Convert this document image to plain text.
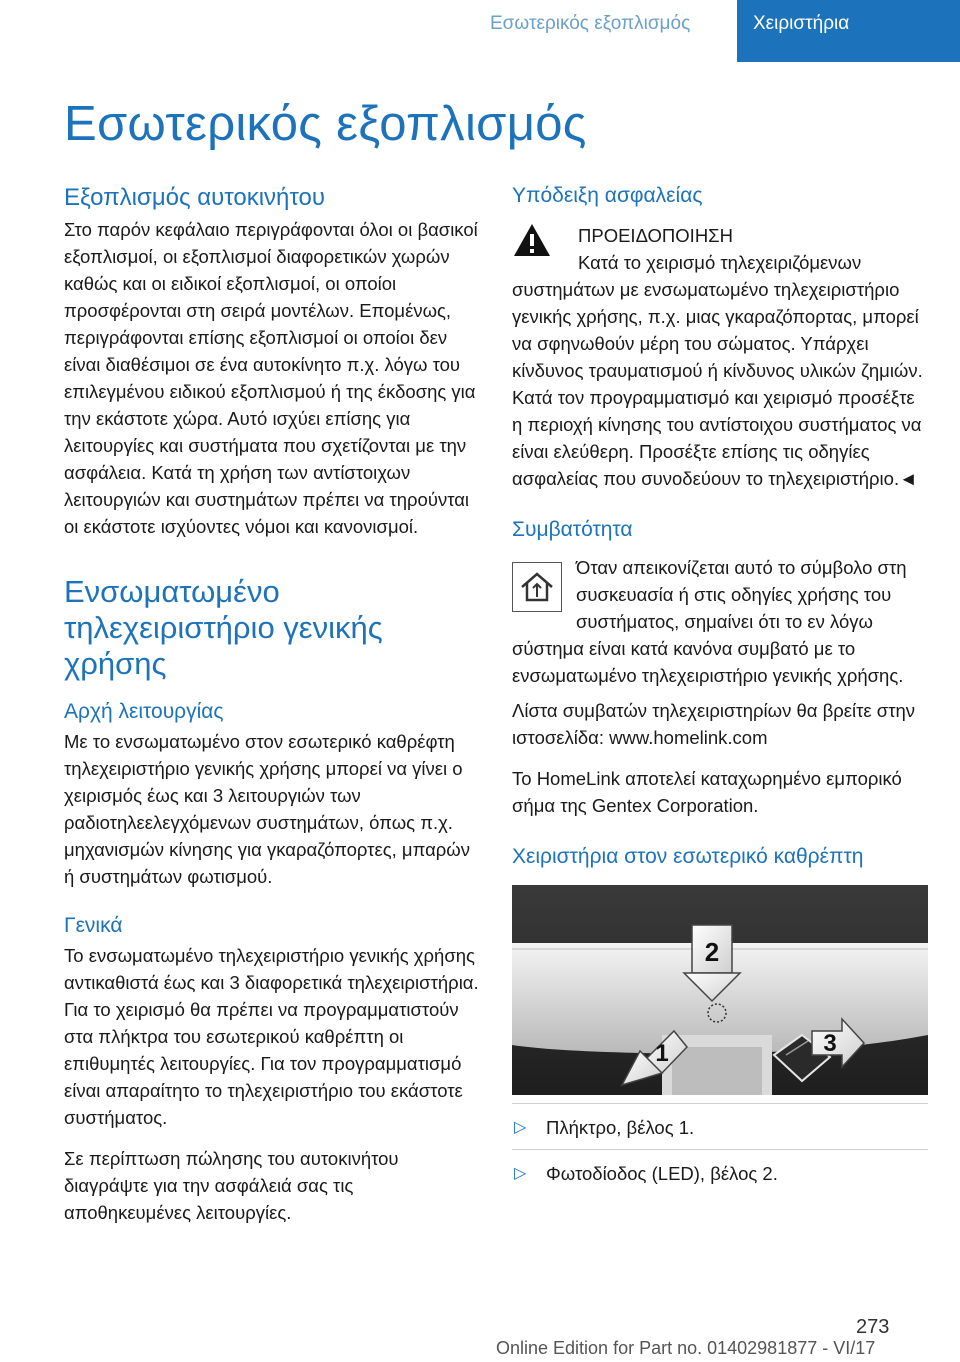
Εσωτερικός εξοπλισμός	Χειριστήρια
Εσωτερικός εξοπλισμός
Εξοπλισμός αυτοκινήτου

Στο παρόν κεφάλαιο περιγράφονται όλοι οι βασικοί εξοπλισμοί, οι εξοπλισμοί διαφορετικών χωρών καθώς και οι ειδικοί εξοπλισμοί, οι οποίοι προσφέρονται στη σειρά μοντέλων. Επομένως, περιγράφονται επίσης εξοπλισμοί οι οποίοι δεν είναι διαθέσιμοι σε ένα αυτοκίνητο π.χ. λόγω του επιλεγμένου ειδικού εξοπλισμού ή της έκδοσης για την εκάστοτε χώρα. Αυτό ισχύει επίσης για λειτουργίες και συστήματα που σχετίζονται με την ασφάλεια. Κατά τη χρήση των αντίστοιχων λειτουργιών και συστημάτων πρέπει να τηρούνται οι εκάστοτε ισχύοντες νόμοι και κανονισμοί.

Ενσωματωμένο τηλεχειριστήριο γενικής χρήσης
Αρχή λειτουργίας

Με το ενσωματωμένο στον εσωτερικό καθρέφτη τηλεχειριστήριο γενικής χρήσης μπορεί να γίνει ο χειρισμός έως και 3 λειτουργιών των ραδιοτηλεελεγχόμενων συστημάτων, όπως π.χ. μηχανισμών κίνησης για γκαραζόπορτες, μπαρών ή συστημάτων φωτισμού.

Γενικά

Το ενσωματωμένο τηλεχειριστήριο γενικής χρήσης αντικαθιστά έως και 3 διαφορετικά τηλεχειριστήρια. Για το χειρισμό θα πρέπει να προγραμματιστούν στα πλήκτρα του εσωτερικού καθρέπτη οι επιθυμητές λειτουργίες. Για τον προγραμματισμό είναι απαραίτητο το τηλεχειριστήριο του εκάστοτε συστήματος.

Σε περίπτωση πώλησης του αυτοκινήτου διαγράψτε για την ασφάλειά σας τις αποθηκευμένες λειτουργίες.

Υπόδειξη ασφαλείας
ΠΡΟΕΙΔΟΠΟΙΗΣΗ
Κατά το χειρισμό τηλεχειριζόμενων συστημάτων με ενσωματωμένο τηλεχειριστήριο γενικής χρήσης, π.χ. μιας γκαραζόπορτας, μπορεί να σφηνωθούν μέρη του σώματος. Υπάρχει κίνδυνος τραυματισμού ή κίνδυνος υλικών ζημιών. Κατά τον προγραμματισμό και χειρισμό προσέξτε η περιοχή κίνησης του αντίστοιχου συστήματος να είναι ελεύθερη. Προσέξτε επίσης τις οδηγίες ασφαλείας που συνοδεύουν το τηλεχειριστήριο.◄
Συμβατότητα

Όταν απεικονίζεται αυτό το σύμβολο στη συσκευασία ή στις οδηγίες χρήσης του συστήματος, σημαίνει ότι το εν λόγω σύστημα είναι κατά κανόνα συμβατό με το ενσωματωμένο τηλεχειριστήριο γενικής χρήσης.

Λίστα συμβατών τηλεχειριστηρίων θα βρείτε στην ιστοσελίδα: www.homelink.com

Το HomeLink αποτελεί καταχωρημένο εμπορικό σήμα της Gentex Corporation.

Χειριστήρια στον εσωτερικό καθρέπτη
2
1	3
▷ Πλήκτρο, βέλος 1.
▷ Φωτοδίοδος (LED), βέλος 2.
273
Online Edition for Part no. 01402981877 - VI/17
